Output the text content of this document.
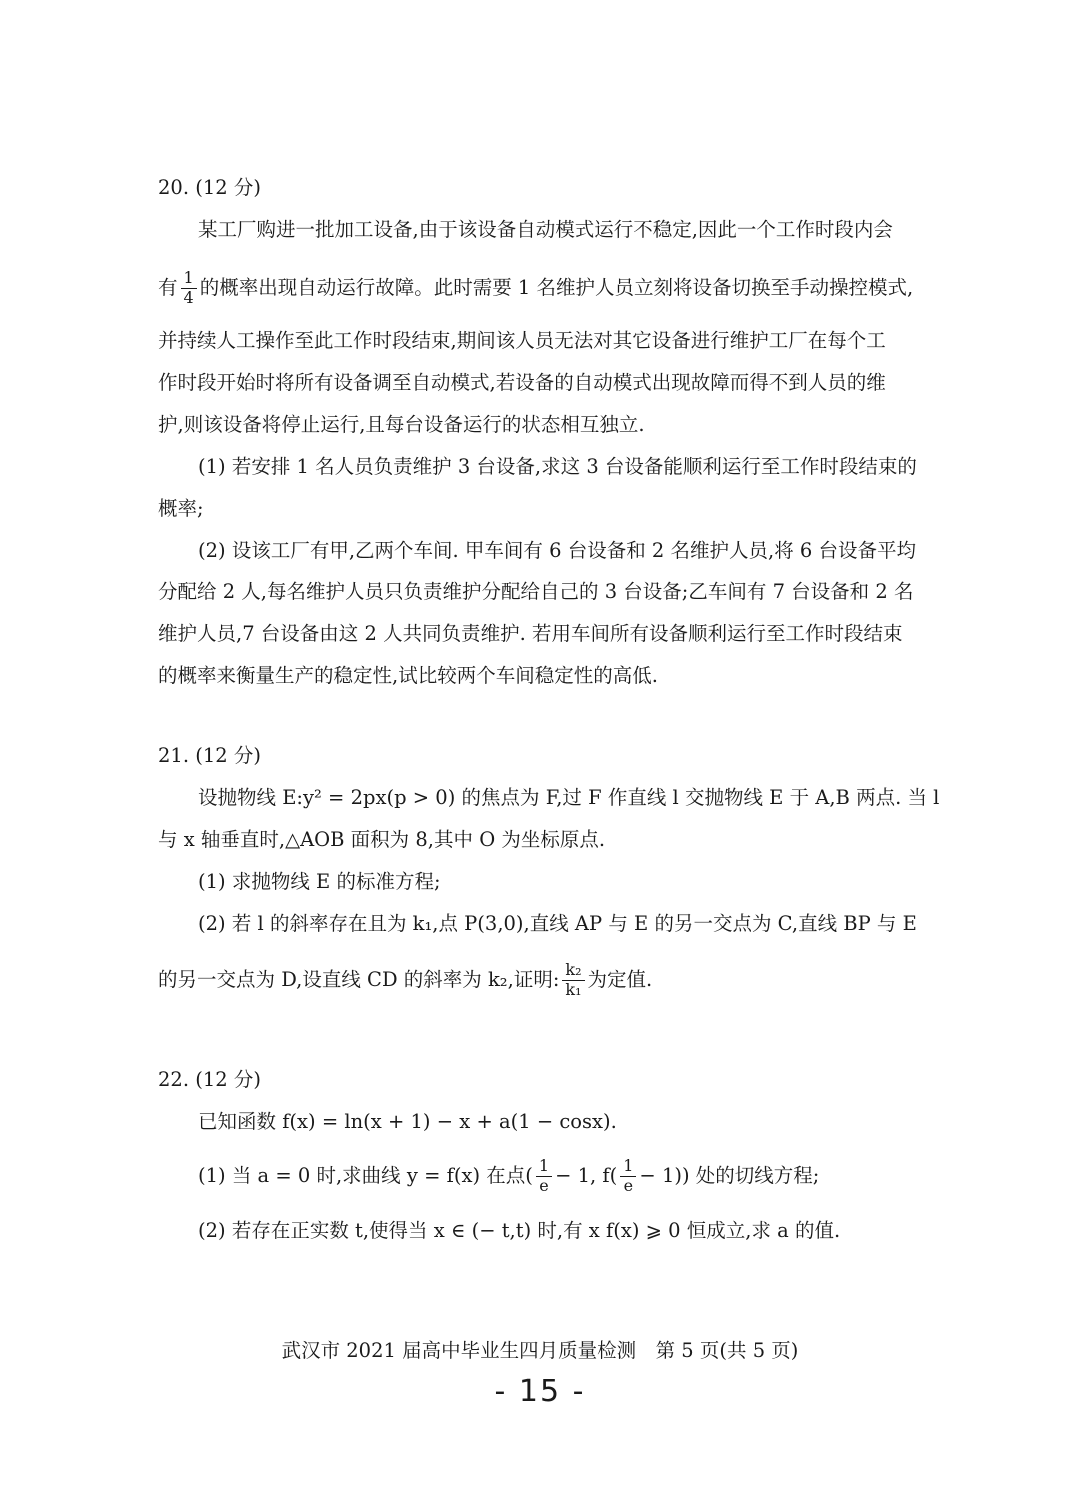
20. (12 分)
某工厂购进一批加工设备,由于该设备自动模式运行不稳定,因此一个工作时段内会
有 $\frac{1}{4}$ 的概率出现自动运行故障。此时需要 1 名维护人员立刻将设备切换至手动操控模式,
并持续人工操作至此工作时段结束,期间该人员无法对其它设备进行维护工厂在每个工
作时段开始时将所有设备调至自动模式,若设备的自动模式出现故障而得不到人员的维
护,则该设备将停止运行,且每台设备运行的状态相互独立.
(1) 若安排 1 名人员负责维护 3 台设备,求这 3 台设备能顺利运行至工作时段结束的
概率;
(2) 设该工厂有甲,乙两个车间. 甲车间有 6 台设备和 2 名维护人员,将 6 台设备平均
分配给 2 人,每名维护人员只负责维护分配给自己的 3 台设备;乙车间有 7 台设备和 2 名
维护人员,7 台设备由这 2 人共同负责维护. 若用车间所有设备顺利运行至工作时段结束
的概率来衡量生产的稳定性,试比较两个车间稳定性的高低.
21. (12 分)
设抛物线 E:y² = 2px(p > 0) 的焦点为 F,过 F 作直线 l 交抛物线 E 于 A,B 两点. 当 l
与 x 轴垂直时,△AOB 面积为 8,其中 O 为坐标原点.
(1) 求抛物线 E 的标准方程;
(2) 若 l 的斜率存在且为 k₁,点 P(3,0),直线 AP 与 E 的另一交点为 C,直线 BP 与 E
的另一交点为 D,设直线 CD 的斜率为 k₂,证明: $\frac{\text{k₂}}{\text{k₁}}$ 为定值.
22. (12 分)
已知函数 f(x) = ln(x + 1) − x + a(1 − cosx).
(1) 当 a = 0 时,求曲线 y = f(x) 在点( $\frac{1}{e} - 1$, $f( \frac{1}{e} - 1)$) 处的切线方程;
(2) 若存在正实数 t,使得当 x ∈ (− t,t) 时,有 x f(x) ⩾ 0 恒成立,求 a 的值.
武汉市 2021 届高中毕业生四月质量检测　第 5 页(共 5 页)
- 15 -
